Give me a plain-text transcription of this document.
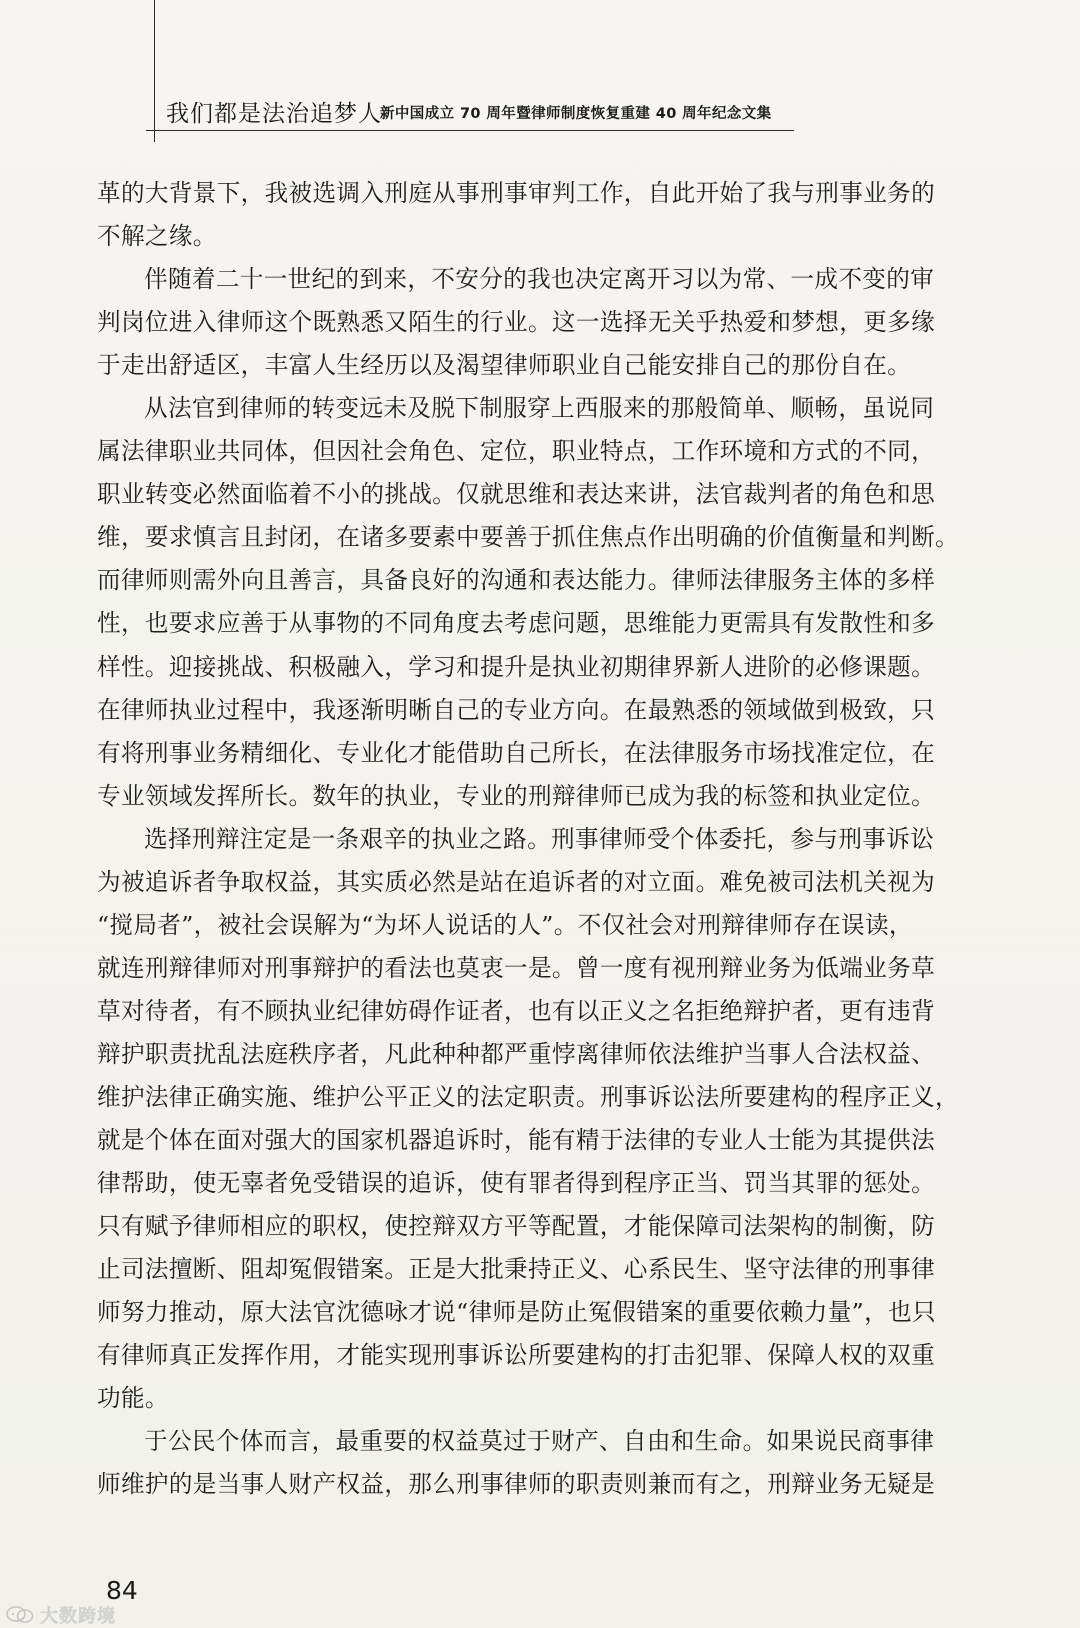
我们都是法治追梦人
新中国成立 70 周年暨律师制度恢复重建 40 周年纪念文集
革的大背景下，我被选调入刑庭从事刑事审判工作，自此开始了我与刑事业务的
不解之缘。
伴随着二十一世纪的到来，不安分的我也决定离开习以为常、一成不变的审
判岗位进入律师这个既熟悉又陌生的行业。这一选择无关乎热爱和梦想，更多缘
于走出舒适区，丰富人生经历以及渴望律师职业自己能安排自己的那份自在。
从法官到律师的转变远未及脱下制服穿上西服来的那般简单、顺畅，虽说同
属法律职业共同体，但因社会角色、定位，职业特点，工作环境和方式的不同，
职业转变必然面临着不小的挑战。仅就思维和表达来讲，法官裁判者的角色和思
维，要求慎言且封闭，在诸多要素中要善于抓住焦点作出明确的价值衡量和判断。
而律师则需外向且善言，具备良好的沟通和表达能力。律师法律服务主体的多样
性，也要求应善于从事物的不同角度去考虑问题，思维能力更需具有发散性和多
样性。迎接挑战、积极融入，学习和提升是执业初期律界新人进阶的必修课题。
在律师执业过程中，我逐渐明晰自己的专业方向。在最熟悉的领域做到极致，只
有将刑事业务精细化、专业化才能借助自己所长，在法律服务市场找准定位，在
专业领域发挥所长。数年的执业，专业的刑辩律师已成为我的标签和执业定位。
选择刑辩注定是一条艰辛的执业之路。刑事律师受个体委托，参与刑事诉讼
为被追诉者争取权益，其实质必然是站在追诉者的对立面。难免被司法机关视为
“搅局者”，被社会误解为“为坏人说话的人”。不仅社会对刑辩律师存在误读，
就连刑辩律师对刑事辩护的看法也莫衷一是。曾一度有视刑辩业务为低端业务草
草对待者，有不顾执业纪律妨碍作证者，也有以正义之名拒绝辩护者，更有违背
辩护职责扰乱法庭秩序者，凡此种种都严重悖离律师依法维护当事人合法权益、
维护法律正确实施、维护公平正义的法定职责。刑事诉讼法所要建构的程序正义，
就是个体在面对强大的国家机器追诉时，能有精于法律的专业人士能为其提供法
律帮助，使无辜者免受错误的追诉，使有罪者得到程序正当、罚当其罪的惩处。
只有赋予律师相应的职权，使控辩双方平等配置，才能保障司法架构的制衡，防
止司法擅断、阻却冤假错案。正是大批秉持正义、心系民生、坚守法律的刑事律
师努力推动，原大法官沈德咏才说“律师是防止冤假错案的重要依赖力量”，也只
有律师真正发挥作用，才能实现刑事诉讼所要建构的打击犯罪、保障人权的双重
功能。
于公民个体而言，最重要的权益莫过于财产、自由和生命。如果说民商事律
师维护的是当事人财产权益，那么刑事律师的职责则兼而有之，刑辩业务无疑是
84
大数跨境
